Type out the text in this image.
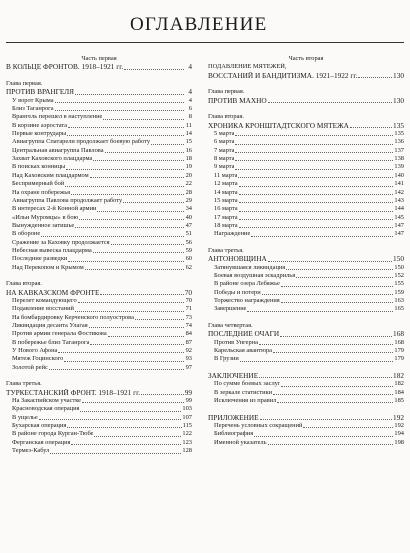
ОГЛАВЛЕНИЕ
Часть первая
В КОЛЬЦЕ ФРОНТОВ. 1918–1921 гг.	4
Глава первая.
ПРОТИВ ВРАНГЕЛЯ	4
У ворот Крыма	4
Близ Таганрога	6
Врангель перешел в наступление	8
В корзине аэростата	11
Первые контрудары	14
Авиагруппа Спатарели продолжает боевую работу	15
Центральная авиагруппа Павлова	16
Захват Каховского плацдарма	18
В поисках конницы	19
Над Каховским плацдармом	20
Беспримерный бой	22
На охране побережья	28
Авиагруппа Павлова продолжает работу	29
В интересах 2-й Конной армии	34
«Ильи Муромцы» в бою	40
Вынужденное затишье	47
В обороне	51
Сражение за Каховку продолжается	56
Небесная вывеска плацдарма	59
Последние разведки	60
Над Перекопом и Крымом	62
Глава вторая.
НА КАВКАЗСКОМ ФРОНТЕ	70
Перелет командующего	70
Подавление восстаний	71
На бомбардировку Керченского полуострова	73
Ликвидация десанта Улагая	74
Против армии генерала Фостикова	84
В побережье близ Таганрога	87
У Нового Афона	92
Мятеж Гоцинского	93
Золотой рейс	97
Глава третья.
ТУРКЕСТАНСКИЙ ФРОНТ. 1918–1921 гг.	99
На Закаспийском участке	99
Красноводская операция	103
В ущелье	107
Бухарская операция	115
В районе города Курган-Тюбе	122
Ферганская операция	123
Термез-Кабул	128
Часть вторая
ПОДАВЛЕНИЕ МЯТЕЖЕЙ,
ВОССТАНИЙ И БАНДИТИЗМА. 1921–1922 гг.	130
Глава первая.
ПРОТИВ МАХНО	130
Глава вторая.
ХРОНИКА КРОНШТАДТСКОГО МЯТЕЖА	135
5 марта	135
6 марта	136
7 марта	137
8 марта	138
9 марта	139
11 марта	140
12 марта	141
14 марта	142
15 марта	143
16 марта	144
17 марта	145
18 марта	147
Награждение	147
Глава третья.
АНТОНОВЩИНА	150
Затянувшаяся ликвидация	150
Боевая воздушная эскадрилья	152
В районе озера Лебяжье	155
Победы и потери	159
Торжество награждения	163
Завершение	165
Глава четвертая.
ПОСЛЕДНИЕ ОЧАГИ	168
Против Унгерна	168
Карельская авантюра	179
В Грузии	179
ЗАКЛЮЧЕНИЕ	182
По сумме боевых заслуг	182
В зеркале статистики	184
Исключения из правил	185
ПРИЛОЖЕНИЕ	192
Перечень условных сокращений	192
Библиография	194
Именной указатель	198
